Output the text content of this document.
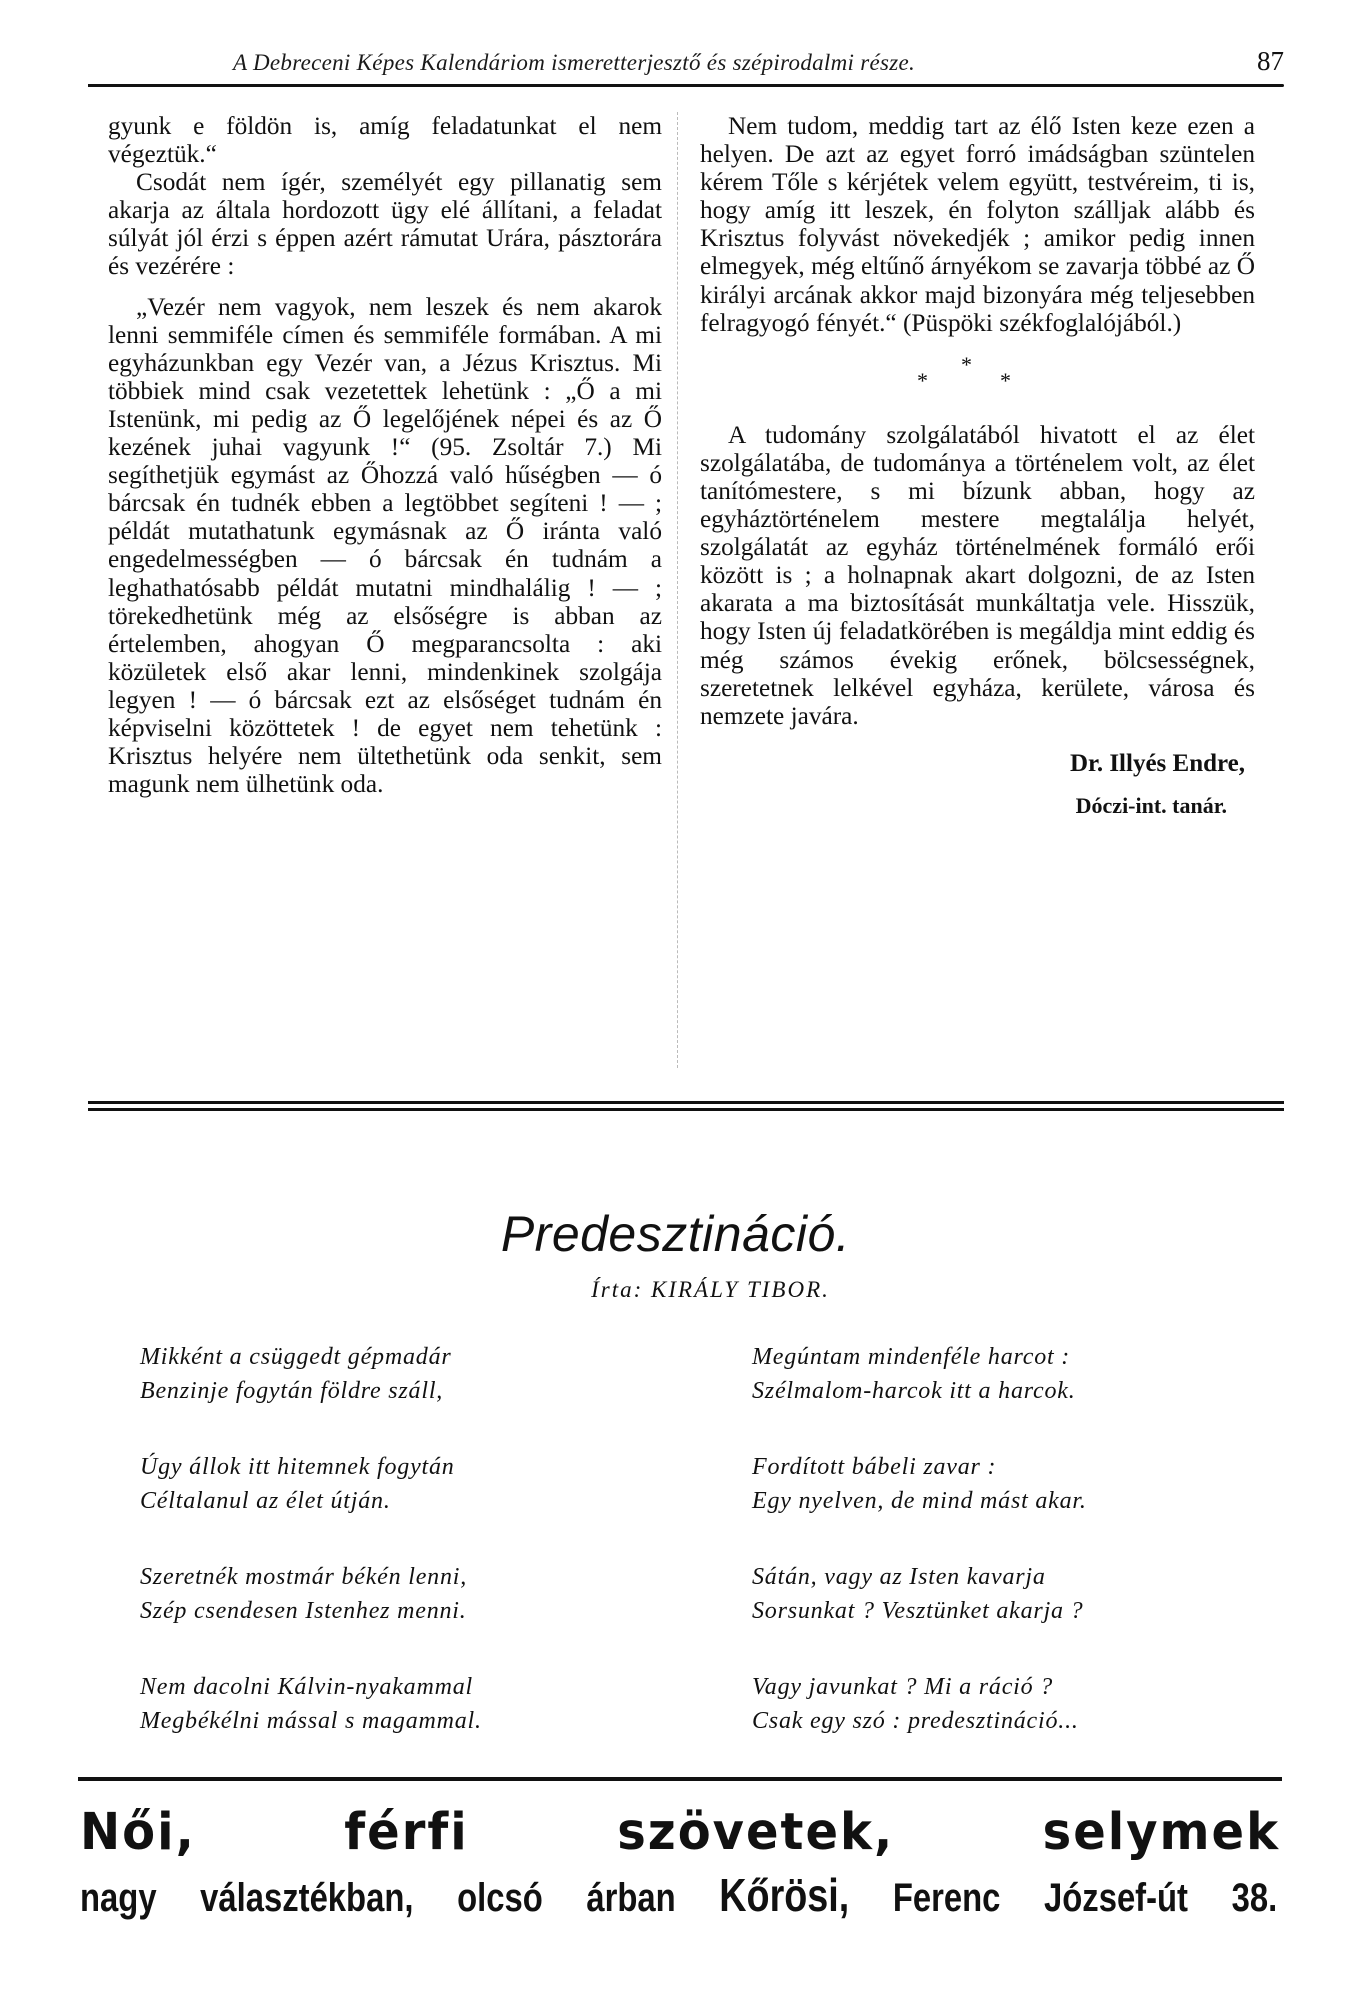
A Debreceni Képes Kalendáriom ismeretterjesztő és szépirodalmi része.	87

gyunk e földön is, amíg feladatunkat el nem végeztük.“

Csodát nem ígér, személyét egy pillanatig sem akarja az általa hordozott ügy elé állítani, a feladat súlyát jól érzi s éppen azért rámutat Urára, pásztorára és vezérére :

„Vezér nem vagyok, nem leszek és nem akarok lenni semmiféle címen és semmiféle formában. A mi egyházunkban egy Vezér van, a Jézus Krisztus. Mi többiek mind csak vezetettek lehetünk : „Ő a mi Istenünk, mi pedig az Ő legelőjének népei és az Ő kezének juhai vagyunk !“ (95. Zsoltár 7.) Mi segíthetjük egymást az Őhozzá való hűségben — ó bárcsak én tudnék ebben a legtöbbet segíteni ! — ; példát mutathatunk egymásnak az Ő iránta való engedelmességben — ó bárcsak én tudnám a leghathatósabb példát mutatni mindhalálig ! — ; törekedhetünk még az elsőségre is abban az értelemben, ahogyan Ő megparancsolta : aki közületek első akar lenni, mindenkinek szolgája legyen ! — ó bárcsak ezt az elsőséget tudnám én képviselni közöttetek ! de egyet nem tehetünk : Krisztus helyére nem ültethetünk oda senkit, sem magunk nem ülhetünk oda.

Nem tudom, meddig tart az élő Isten keze ezen a helyen. De azt az egyet forró imádságban szüntelen kérem Tőle s kérjétek velem együtt, testvéreim, ti is, hogy amíg itt leszek, én folyton szálljak alább és Krisztus folyvást növekedjék ; amikor pedig innen elmegyek, még eltűnő árnyékom se zavarja többé az Ő királyi arcának akkor majd bizonyára még teljesebben felragyogó fényét.“ (Püspöki székfoglalójából.)

*
*	*

A tudomány szolgálatából hivatott el az élet szolgálatába, de tudománya a történelem volt, az élet tanítómestere, s mi bízunk abban, hogy az egyháztörténelem mestere megtalálja helyét, szolgálatát az egyház történelmének formáló erői között is ; a holnapnak akart dolgozni, de az Isten akarata a ma biztosítását munkáltatja vele. Hisszük, hogy Isten új feladatkörében is megáldja mint eddig és még számos évekig erőnek, bölcsességnek, szeretetnek lelkével egyháza, kerülete, városa és nemzete javára.

Dr. Illyés Endre,
Dóczi-int. tanár.
Predesztináció.
Írta: KIRÁLY TIBOR.
Mikként a csüggedt gépmadár
Benzinje fogytán földre száll,
Úgy állok itt hitemnek fogytán
Céltalanul az élet útján.
Szeretnék mostmár békén lenni,
Szép csendesen Istenhez menni.
Nem dacolni Kálvin-nyakammal
Megbékélni mással s magammal.
Megúntam mindenféle harcot :
Szélmalom-harcok itt a harcok.
Fordított bábeli zavar :
Egy nyelven, de mind mást akar.
Sátán, vagy az Isten kavarja
Sorsunkat ? Vesztünket akarja ?
Vagy javunkat ? Mi a ráció ?
Csak egy szó : predesztináció...
Női, férfi szövetek, selymek
nagy választékban, olcsó árban Kőrösi, Ferenc József-út 38.
